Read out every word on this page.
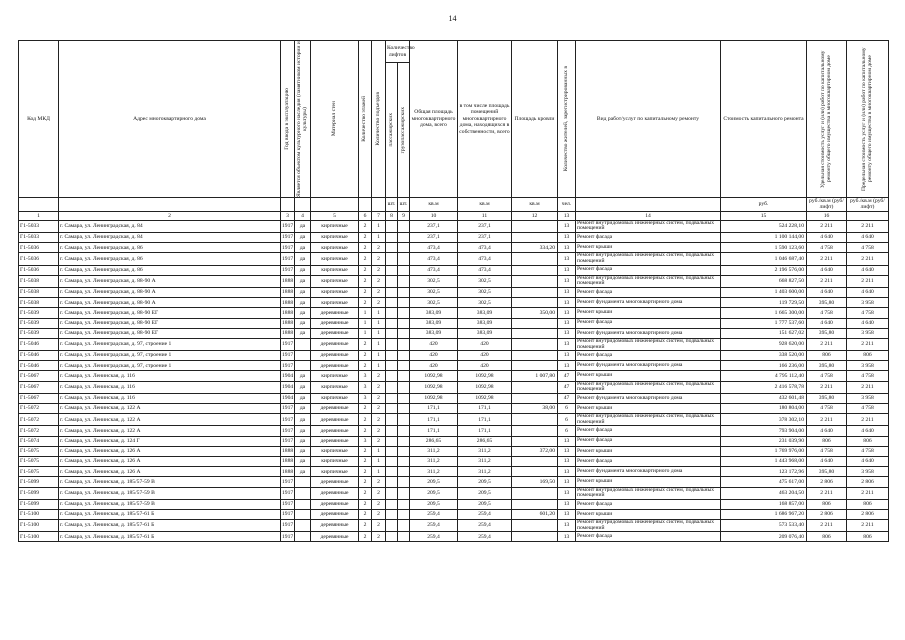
14
Код МКД	Адрес многоквартирного дома	Год ввода в эксплуатацию	Является объектом культурного наследия (памятником истории и культуры)	Материал стен	Количество этажей	Количество подъездов	Количество лифтов		Общая площадь многоквартирного дома, всего	в том числе площадь помещений многоквартирного дома, находящихся в собственности, всего	Площадь кровли	Количество жителей, зарегистрированных в	Вид работ/услуг по капитальному ремонту	Стоимость капитального ремонта	Удельная стоимость услуг и (или) работ по капитальному ремонту общего имущества в многоквартирном доме	Предельная стоимость услуг и (или) работ по капитальному ремонту общего имущества в многоквартирном доме

							пассажирских	грузопассажирских								

							шт.	шт.	кв.м	кв.м	кв.м	чел.		руб.	руб./кв.м (руб/лифт)	руб./кв.м (руб/лифт)
1	2	3	4	5	6	7	8	9	10	11	12	13	14	15	16	
Г1-5033	г. Самара, ул. Ленинградская, д. 84	1917	да	кирпичные	2	1			237,1	237,1		13	Ремонт внутридомовых инженерных систем, подвальных помещений	524 228,10	2 211	2 211
Г1-5033	г. Самара, ул. Ленинградская, д. 84	1917	да	кирпичные	2	1			237,1	237,1		13	Ремонт фасада	1 100 144,00	4 640	4 640
Г1-5036	г. Самара, ул. Ленинградская, д. 86	1917	да	кирпичные	2	2			473,4	473,4	334,20	13	Ремонт крыши	1 590 123,60	4 758	4 758
Г1-5036	г. Самара, ул. Ленинградская, д. 86	1917	да	кирпичные	2	2			473,4	473,4		13	Ремонт внутридомовых инженерных систем, подвальных помещений	1 046 687,40	2 211	2 211
Г1-5036	г. Самара, ул. Ленинградская, д. 86	1917	да	кирпичные	2	2			473,4	473,4		13	Ремонт фасада	2 196 576,00	4 640	4 640
Г1-5038	г. Самара, ул. Ленинградская, д. 88-90 А	1888	да	кирпичные	2	2			302,5	302,5		13	Ремонт внутридомовых инженерных систем, подвальных помещений	668 827,50	2 211	2 211
Г1-5038	г. Самара, ул. Ленинградская, д. 88-90 А	1888	да	кирпичные	2	2			302,5	302,5		13	Ремонт фасада	1 403 600,00	4 640	4 640
Г1-5038	г. Самара, ул. Ленинградская, д. 88-90 А	1888	да	кирпичные	2	2			302,5	302,5		13	Ремонт фундамента многоквартирного дома	119 729,50	395,80	3 958
Г1-5039	г. Самара, ул. Ленинградская, д. 88-90 ЕГ	1888	да	деревянные	1	1			383,09	383,09	350,00	13	Ремонт крыши	1 665 300,00	4 758	4 758
Г1-5039	г. Самара, ул. Ленинградская, д. 88-90 ЕГ	1888	да	деревянные	1	1			383,09	383,09		13	Ремонт фасада	1 777 537,60	4 640	4 640
Г1-5039	г. Самара, ул. Ленинградская, д. 88-90 ЕГ	1888	да	деревянные	1	1			383,09	383,09		13	Ремонт фундамента многоквартирного дома	151 627,02	395,80	3 958
Г1-5046	г. Самара, ул. Ленинградская, д. 97, строение 1	1917		деревянные	2	1			420	420		13	Ремонт внутридомовых инженерных систем, подвальных помещений	928 620,00	2 211	2 211
Г1-5046	г. Самара, ул. Ленинградская, д. 97, строение 1	1917		деревянные	2	1			420	420		13	Ремонт фасада	338 520,00	806	806
Г1-5046	г. Самара, ул. Ленинградская, д. 97, строение 1	1917		деревянные	2	1			420	420		13	Ремонт фундамента многоквартирного дома	166 236,00	395,80	3 958
Г1-5067	г. Самара, ул. Ленинская, д. 116	1904	да	кирпичные	3	2			1092,98	1092,98	1 007,80	47	Ремонт крыши	4 795 112,40	4 758	4 758
Г1-5067	г. Самара, ул. Ленинская, д. 116	1904	да	кирпичные	3	2			1092,98	1092,98		47	Ремонт внутридомовых инженерных систем, подвальных помещений	2 416 578,78	2 211	2 211
Г1-5067	г. Самара, ул. Ленинская, д. 116	1904	да	кирпичные	3	2			1092,98	1092,98		47	Ремонт фундамента многоквартирного дома	432 601,48	395,80	3 958
Г1-5072	г. Самара, ул. Ленинская, д. 122 А	1917	да	деревянные	2	2			171,1	171,1	38,00	6	Ремонт крыши	180 804,00	4 758	4 758
Г1-5072	г. Самара, ул. Ленинская, д. 122 А	1917	да	деревянные	2	2			171,1	171,1		6	Ремонт внутридомовых инженерных систем, подвальных помещений	378 302,10	2 211	2 211
Г1-5072	г. Самара, ул. Ленинская, д. 122 А	1917	да	деревянные	2	2			171,1	171,1		6	Ремонт фасада	793 904,00	4 640	4 640
Г1-5074	г. Самара, ул. Ленинская, д. 124 Г	1917	да	деревянные	3	2			286,65	286,65		13	Ремонт фасада	231 039,90	806	806
Г1-5075	г. Самара, ул. Ленинская, д. 126 А	1888	да	кирпичные	2	1			311,2	311,2	372,00	13	Ремонт крыши	1 769 976,00	4 758	4 758
Г1-5075	г. Самара, ул. Ленинская, д. 126 А	1888	да	кирпичные	2	1			311,2	311,2		13	Ремонт фасада	1 443 968,00	4 640	4 640
Г1-5075	г. Самара, ул. Ленинская, д. 126 А	1888	да	кирпичные	2	1			311,2	311,2		13	Ремонт фундамента многоквартирного дома	123 172,96	395,80	3 958
Г1-5099	г. Самара, ул. Ленинская, д. 185/57-59 В	1917		деревянные	2	2			209,5	209,5	169,50	13	Ремонт крыши	475 617,00	2 806	2 806
Г1-5099	г. Самара, ул. Ленинская, д. 185/57-59 В	1917		деревянные	2	2			209,5	209,5		13	Ремонт внутридомовых инженерных систем, подвальных помещений	463 204,50	2 211	2 211
Г1-5099	г. Самара, ул. Ленинская, д. 185/57-59 В	1917		деревянные	2	2			209,5	209,5		13	Ремонт фасада	168 857,00	806	806
Г1-5100	г. Самара, ул. Ленинская, д. 185/57-61 Б	1917		деревянные	2	2			259,4	259,4	601,20	13	Ремонт крыши	1 686 967,20	2 806	2 806
Г1-5100	г. Самара, ул. Ленинская, д. 185/57-61 Б	1917		деревянные	2	2			259,4	259,4		13	Ремонт внутридомовых инженерных систем, подвальных помещений	573 533,40	2 211	2 211
Г1-5100	г. Самара, ул. Ленинская, д. 185/57-61 Б	1917		деревянные	2	2			259,4	259,4		13	Ремонт фасада	209 076,40	806	806
